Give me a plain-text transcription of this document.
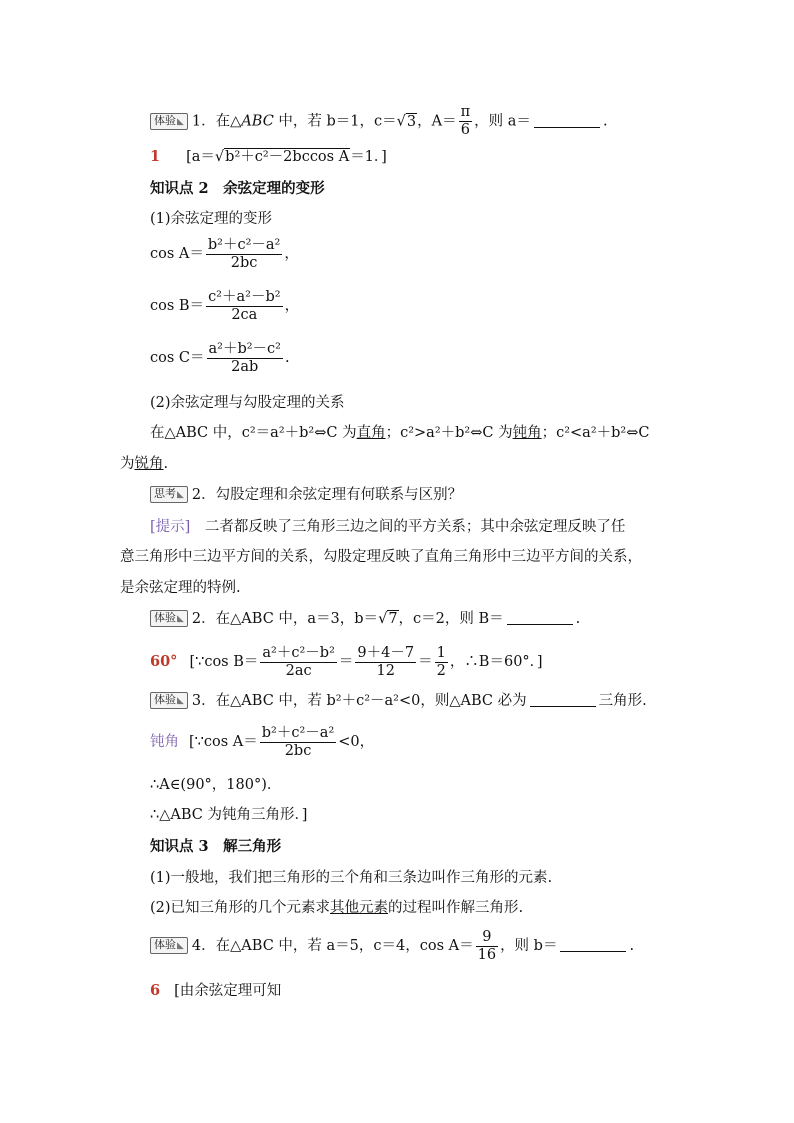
体验 ◣ 1．在△ABC 中，若 b＝1，c＝√3，$A= \frac{\pi}{6}$ ，则 a＝	.
1 [a＝√b²＋c²－2bccos A＝1．]
知识点 2　余弦定理的变形
(1)余弦定理的变形
$\cos A= \frac{\text{b²＋c²－a²}}{2bc}$ ，
$\cos B= \frac{\text{c²＋a²－b²}}{2ca}$ ，
$\cos C= \frac{\text{a²＋b²－c²}}{2ab}$ .
(2)余弦定理与勾股定理的关系
在△ABC 中，c²＝a²＋b²⇔C 为直角；c²>a²＋b²⇔C 为钝角；c²<a²＋b²⇔C
为锐角.
思考 ◣ 2．勾股定理和余弦定理有何联系与区别？
[提示]　二者都反映了三角形三边之间的平方关系；其中余弦定理反映了任
意三角形中三边平方间的关系，勾股定理反映了直角三角形中三边平方间的关系，
是余弦定理的特例.
体验 ◣ 2．在△ABC 中，a＝3，b＝√7，c＝2，则 B＝	.
60° [∵cos $B= \frac{\text{a²＋c²－b²}}{2ac} = \frac{9+4-7}{12} = \frac{1}{2}$ ，∴B＝60°．]
体验 ◣ 3．在△ABC 中，若 b²＋c²－a²<0，则△ABC 必为	三角形.
钝角 [∵cos $A= \frac{\text{b²＋c²－a²}}{2bc} <0$，
∴A∈(90°，180°)．
∴△ABC 为钝角三角形．]
知识点 3　解三角形
(1)一般地，我们把三角形的三个角和三条边叫作三角形的元素.
(2)已知三角形的几个元素求其他元素的过程叫作解三角形.
体验 ◣ 4．在△ABC 中，若 a＝5，c＝4，$\cos A= \frac{9}{16}$ ，则 b＝	.
6 [由余弦定理可知
